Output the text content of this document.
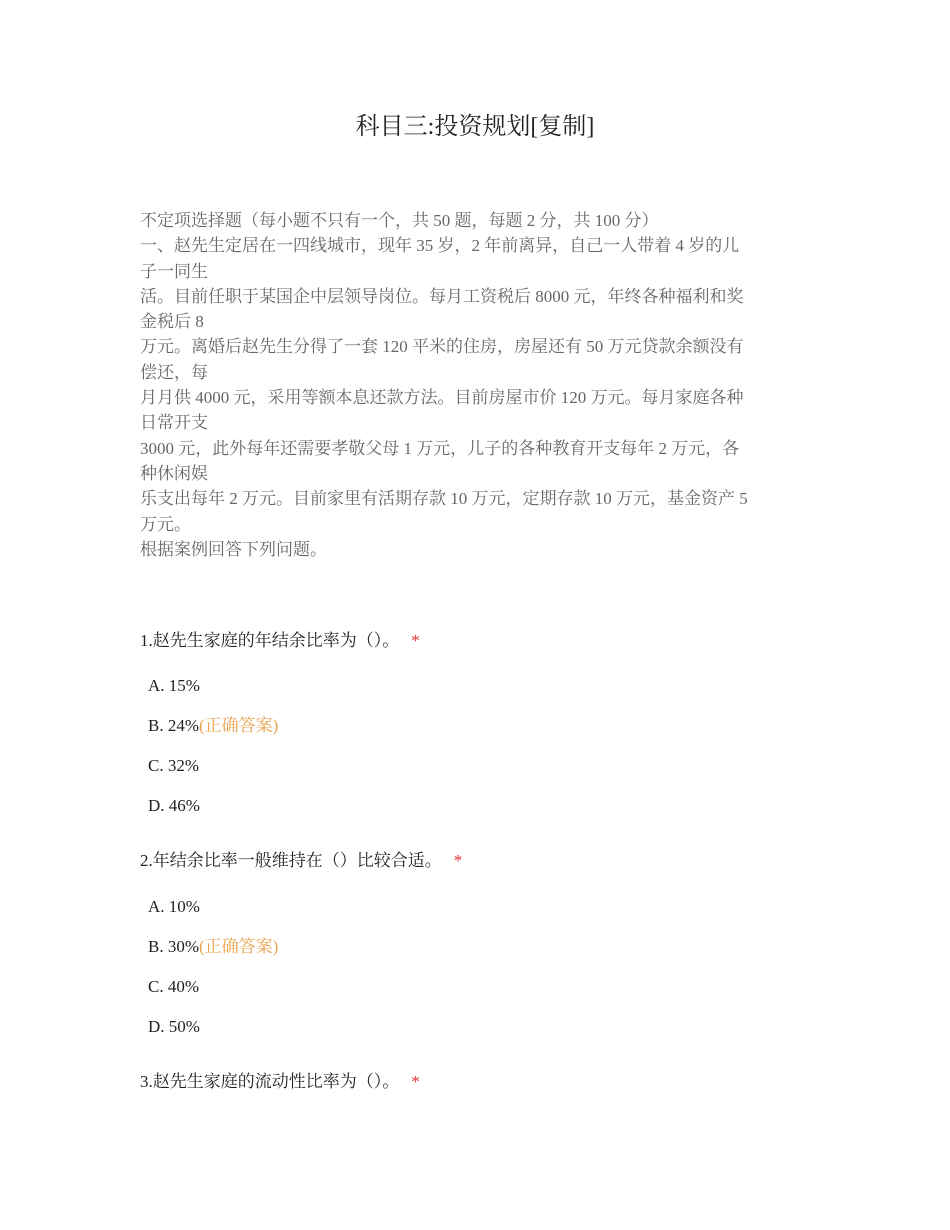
科目三:投资规划[复制]
不定项选择题（每小题不只有一个，共 50 题，每题 2 分，共 100 分）
一、赵先生定居在一四线城市，现年 35 岁，2 年前离异，自己一人带着 4 岁的儿
子一同生
活。目前任职于某国企中层领导岗位。每月工资税后 8000 元，年终各种福利和奖
金税后 8
万元。离婚后赵先生分得了一套 120 平米的住房，房屋还有 50 万元贷款余额没有
偿还，每
月月供 4000 元，采用等额本息还款方法。目前房屋市价 120 万元。每月家庭各种
日常开支
3000 元，此外每年还需要孝敬父母 1 万元，儿子的各种教育开支每年 2 万元，各
种休闲娱
乐支出每年 2 万元。目前家里有活期存款 10 万元，定期存款 10 万元，基金资产 5
万元。
根据案例回答下列问题。
1.赵先生家庭的年结余比率为（）。 *
A. 15%
B. 24%(正确答案)
C. 32%
D. 46%
2.年结余比率一般维持在（）比较合适。 *
A. 10%
B. 30%(正确答案)
C. 40%
D. 50%
3.赵先生家庭的流动性比率为（）。 *
